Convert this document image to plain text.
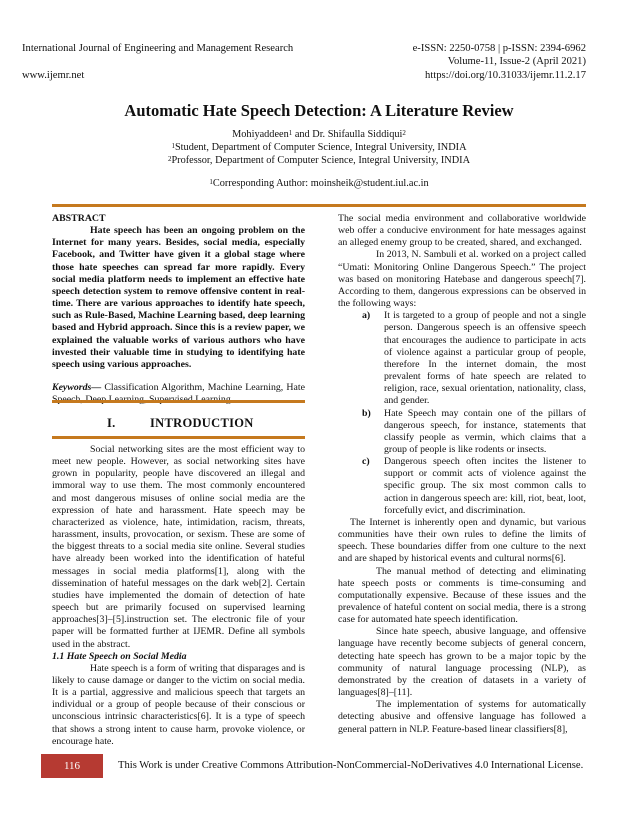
International Journal of Engineering and Management Research	e-ISSN: 2250-0758 | p-ISSN: 2394-6962
Volume-11, Issue-2 (April 2021)
www.ijemr.net	https://doi.org/10.31033/ijemr.11.2.17
Automatic Hate Speech Detection: A Literature Review
Mohiyaddeen$^1$ and Dr. Shifaulla Siddiqui$^2$
$^1$Student, Department of Computer Science, Integral University, INDIA
$^2$Professor, Department of Computer Science, Integral University, INDIA
$^1$Corresponding Author: moinsheik@student.iul.ac.in

ABSTRACT

Hate speech has been an ongoing problem on the Internet for many years. Besides, social media, especially Facebook, and Twitter have given it a global stage where those hate speeches can spread far more rapidly. Every social media platform needs to implement an effective hate speech detection system to remove offensive content in real-time. There are various approaches to identify hate speech, such as Rule-Based, Machine Learning based, deep learning based and Hybrid approach. Since this is a review paper, we explained the valuable works of various authors who have invested their valuable time in studying to identifying hate speech using various approaches.

Keywords— Classification Algorithm, Machine Learning, Hate

I.	INTRODUCTION

Social networking sites are the most efficient way to meet new people. However, as social networking sites have grown in popularity, people have discovered an illegal and immoral way to use them. The most commonly encountered and most dangerous misuses of online social media are the expression of hate and harassment. Hate speech may be characterized as violence, hate, intimidation, racism, threats, harassment, insults, provocation, or sexism. These are some of the biggest threats to a social media site online. Several studies have already been worked into the identification of hateful messages in social media platforms[1], along with the dissemination of hateful messages on the dark web[2]. Certain studies have implemented the domain of detection of hate speech but are primarily focused on supervised learning approaches[3]–[5].instruction set. The electronic file of your paper will be formatted further at IJEMR. Define all symbols used in the abstract.

1.1 Hate Speech on Social Media

Hate speech is a form of writing that disparages and is likely to cause damage or danger to the victim on social media. It is a partial, aggressive and malicious speech that targets an individual or a group of people because of their conscious or unconscious intrinsic characteristics[6]. It is a type of speech that shows a strong intent to cause harm, provoke violence, or encourage hate.

The social media environment and collaborative worldwide web offer a conducive environment for hate messages against an alleged enemy group to be created, shared, and exchanged.

In 2013, N. Sambuli et al. worked on a project called “Umati: Monitoring Online Dangerous Speech.” The project was based on monitoring Hatebase and dangerous speech[7]. According to them, dangerous expressions can be observed in the following ways:

a) It is targeted to a group of people and not a single person. Dangerous speech is an offensive speech that encourages the audience to participate in acts of violence against a particular group of people, therefore In the internet domain, the most prevalent forms of hate speech are related to religion, race, sexual orientation, nationality, class, and gender.
b) Hate Speech may contain one of the pillars of dangerous speech, for instance, statements that classify people as vermin, which claims that a group of people is like rodents or insects.
c) Dangerous speech often incites the listener to support or commit acts of violence against the specific group. The six most common calls to action in dangerous speech are: kill, riot, beat, loot, forcefully evict, and discrimination.

The Internet is inherently open and dynamic, but various communities have their own rules to define the limits of speech. These boundaries differ from one culture to the next and are shaped by historical events and cultural norms[6].

The manual method of detecting and eliminating hate speech posts or comments is time-consuming and computationally expensive. Because of these issues and the prevalence of hateful content on social media, there is a strong case for automated hate speech identification.

Since hate speech, abusive language, and offensive language have recently become subjects of general concern, detecting hate speech has grown to be a major topic by the community of natural language processing (NLP), as demonstrated by the creation of datasets in a variety of languages[8]–[11].

The implementation of systems for automatically detecting abusive and offensive language has followed a general pattern in NLP. Feature-based linear classifiers[8],

116	This Work is under Creative Commons Attribution-NonCommercial-NoDerivatives 4.0 International License.
